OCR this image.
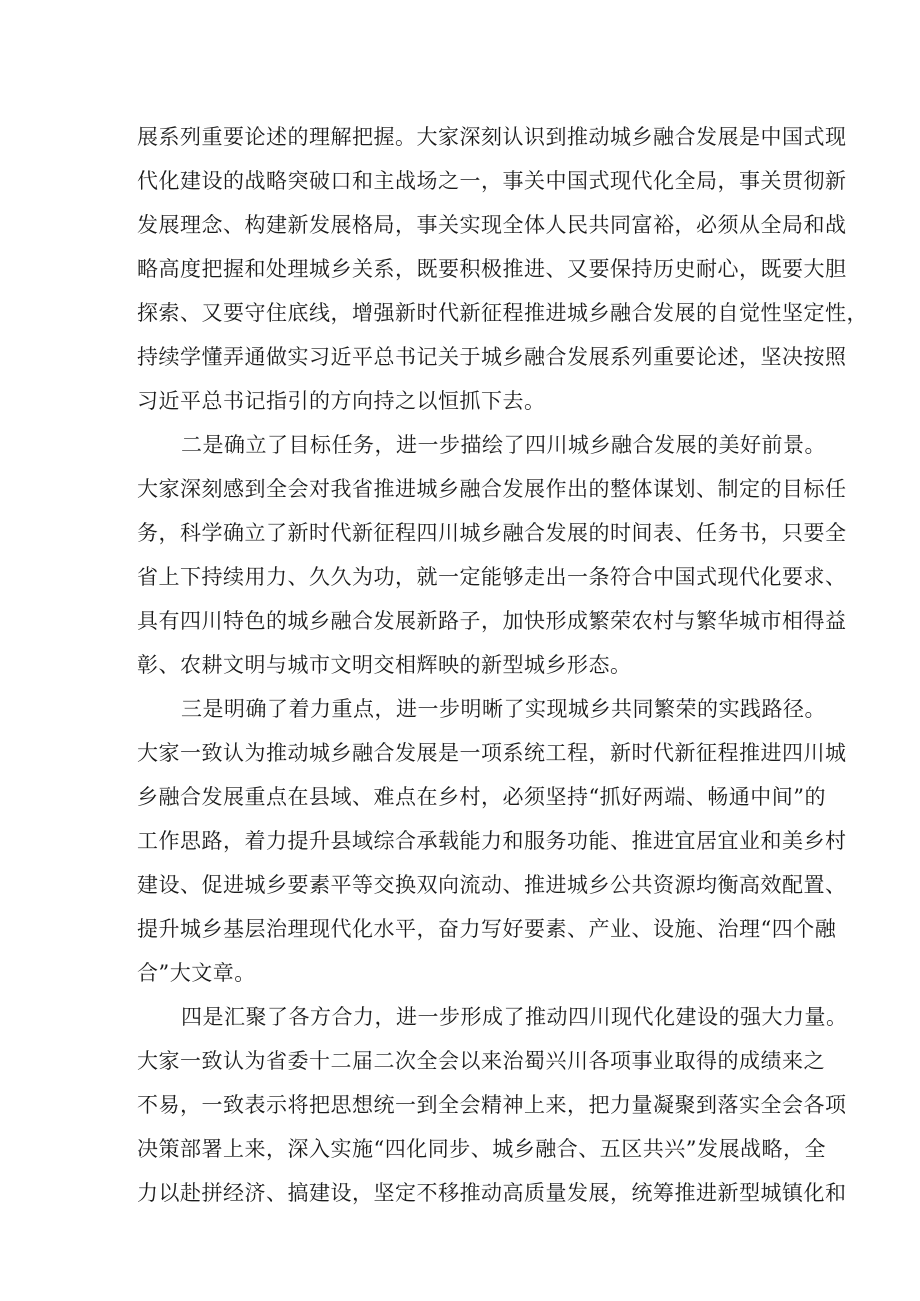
展系列重要论述的理解把握。大家深刻认识到推动城乡融合发展是中国式现
代化建设的战略突破口和主战场之一，事关中国式现代化全局，事关贯彻新
发展理念、构建新发展格局，事关实现全体人民共同富裕，必须从全局和战
略高度把握和处理城乡关系，既要积极推进、又要保持历史耐心，既要大胆
探索、又要守住底线，增强新时代新征程推进城乡融合发展的自觉性坚定性，
持续学懂弄通做实习近平总书记关于城乡融合发展系列重要论述，坚决按照
习近平总书记指引的方向持之以恒抓下去。
二是确立了目标任务，进一步描绘了四川城乡融合发展的美好前景。
大家深刻感到全会对我省推进城乡融合发展作出的整体谋划、制定的目标任
务，科学确立了新时代新征程四川城乡融合发展的时间表、任务书，只要全
省上下持续用力、久久为功，就一定能够走出一条符合中国式现代化要求、
具有四川特色的城乡融合发展新路子，加快形成繁荣农村与繁华城市相得益
彰、农耕文明与城市文明交相辉映的新型城乡形态。
三是明确了着力重点，进一步明晰了实现城乡共同繁荣的实践路径。
大家一致认为推动城乡融合发展是一项系统工程，新时代新征程推进四川城
乡融合发展重点在县域、难点在乡村，必须坚持“抓好两端、畅通中间”的
工作思路，着力提升县域综合承载能力和服务功能、推进宜居宜业和美乡村
建设、促进城乡要素平等交换双向流动、推进城乡公共资源均衡高效配置、
提升城乡基层治理现代化水平，奋力写好要素、产业、设施、治理“四个融
合”大文章。
四是汇聚了各方合力，进一步形成了推动四川现代化建设的强大力量。
大家一致认为省委十二届二次全会以来治蜀兴川各项事业取得的成绩来之
不易，一致表示将把思想统一到全会精神上来，把力量凝聚到落实全会各项
决策部署上来，深入实施“四化同步、城乡融合、五区共兴”发展战略，全
力以赴拼经济、搞建设，坚定不移推动高质量发展，统筹推进新型城镇化和
